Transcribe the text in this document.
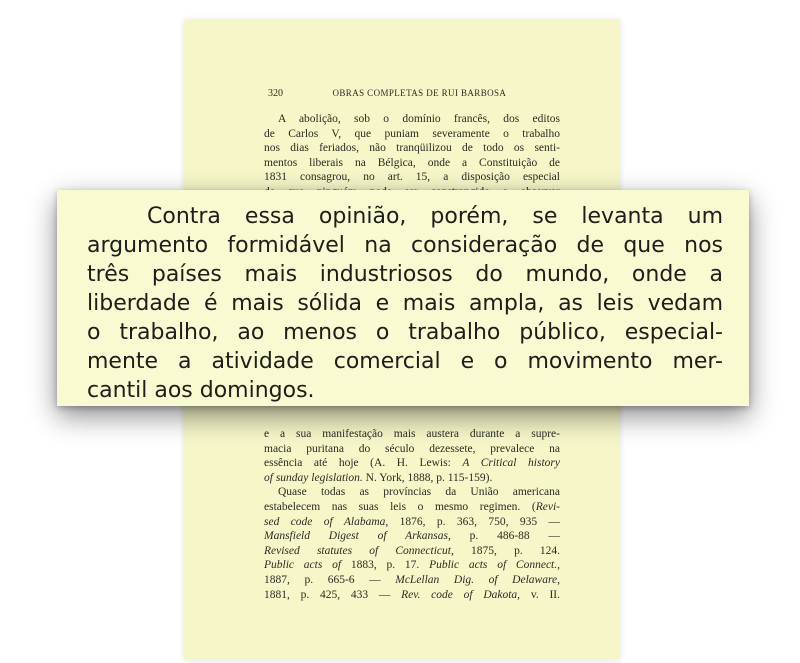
320	OBRAS COMPLETAS DE RUI BARBOSA
A abolição, sob o domínio francês, dos editos
de Carlos V, que puniam severamente o trabalho
nos dias feriados, não tranqüilizou de todo os senti-
mentos liberais na Bélgica, onde a Constituição de
1831 consagrou, no art. 15, a disposição especial
e a sua manifestação mais austera durante a supre-
macia puritana do século dezessete, prevalece na
essência até hoje (A. H. Lewis: A Critical history
of sunday legislation. N. York, 1888, p. 115-159).
Quase todas as províncias da União americana
estabelecem nas suas leis o mesmo regimen. (Revi-
sed code of Alabama, 1876, p. 363, 750, 935 —
Mansfield Digest of Arkansas, p. 486-88 —
Revised statutes of Connecticut, 1875, p. 124.
Public acts of 1883, p. 17. Public acts of Connect.,
1887, p. 665-6 — McLellan Dig. of Delaware,
1881, p. 425, 433 — Rev. code of Dakota, v. II.
Contra essa opinião, porém, se levanta um
argumento formidável na consideração de que nos
três países mais industriosos do mundo, onde a
liberdade é mais sólida e mais ampla, as leis vedam
o trabalho, ao menos o trabalho público, especial-
mente a atividade comercial e o movimento mer-
cantil aos domingos.
